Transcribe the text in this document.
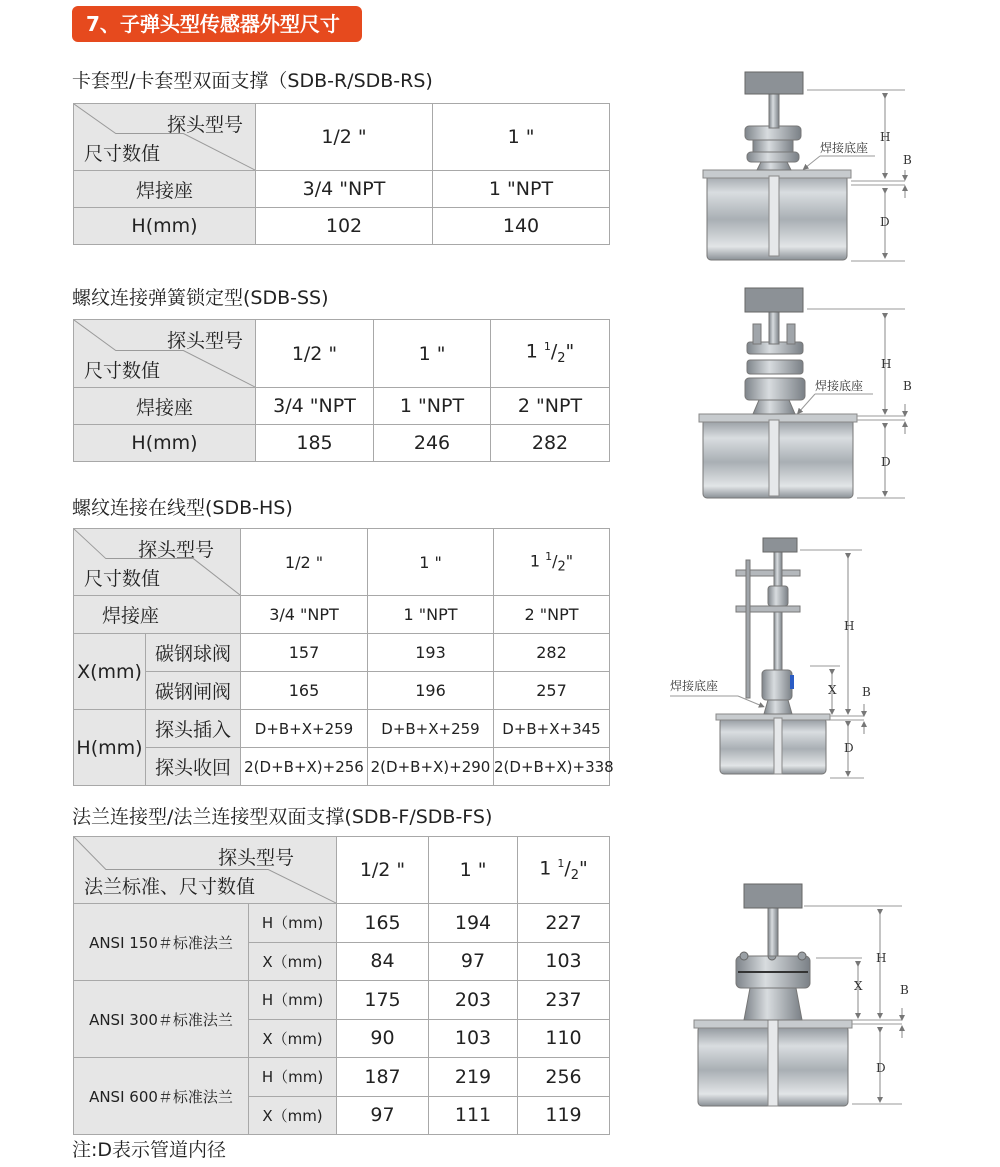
7、子弹头型传感器外型尺寸
卡套型/卡套型双面支撑（SDB-R/SDB-RS)
探头型号
尺寸数值	1/2 "	1 "
焊接座	3/4 "NPT	1 "NPT
H(mm)	102	140
螺纹连接弹簧锁定型(SDB-SS)
探头型号
尺寸数值	1/2 "	1 "	1 $^1/_2$"
焊接座	3/4 "NPT	1 "NPT	2 "NPT
H(mm)	185	246	282
螺纹连接在线型(SDB-HS)
探头型号
尺寸数值		1/2 "	1 "	1 $^1/_2$"
焊接座		3/4 "NPT	1 "NPT	2 "NPT
X(mm)	碳钢球阀	157	193	282
	碳钢闸阀	165	196	257
H(mm)	探头插入	D+B+X+259	D+B+X+259	D+B+X+345
	探头收回	2(D+B+X)+256	2(D+B+X)+290	2(D+B+X)+338
法兰连接型/法兰连接型双面支撑(SDB-F/SDB-FS)
探头型号
法兰标准、尺寸数值		1/2 "	1 "	1 $^1/_2$"
ANSI 150＃标准法兰	H（mm)	165	194	227
	X（mm)	84	97	103
ANSI 300＃标准法兰	H（mm)	175	203	237
	X（mm)	90	103	110
ANSI 600＃标准法兰	H（mm)	187	219	256
	X（mm)	97	111	119
注:D表示管道内径
H
B
D
焊接底座
H
B
D
焊接底座
H
X B
D
焊接底座
H
X	B
D
